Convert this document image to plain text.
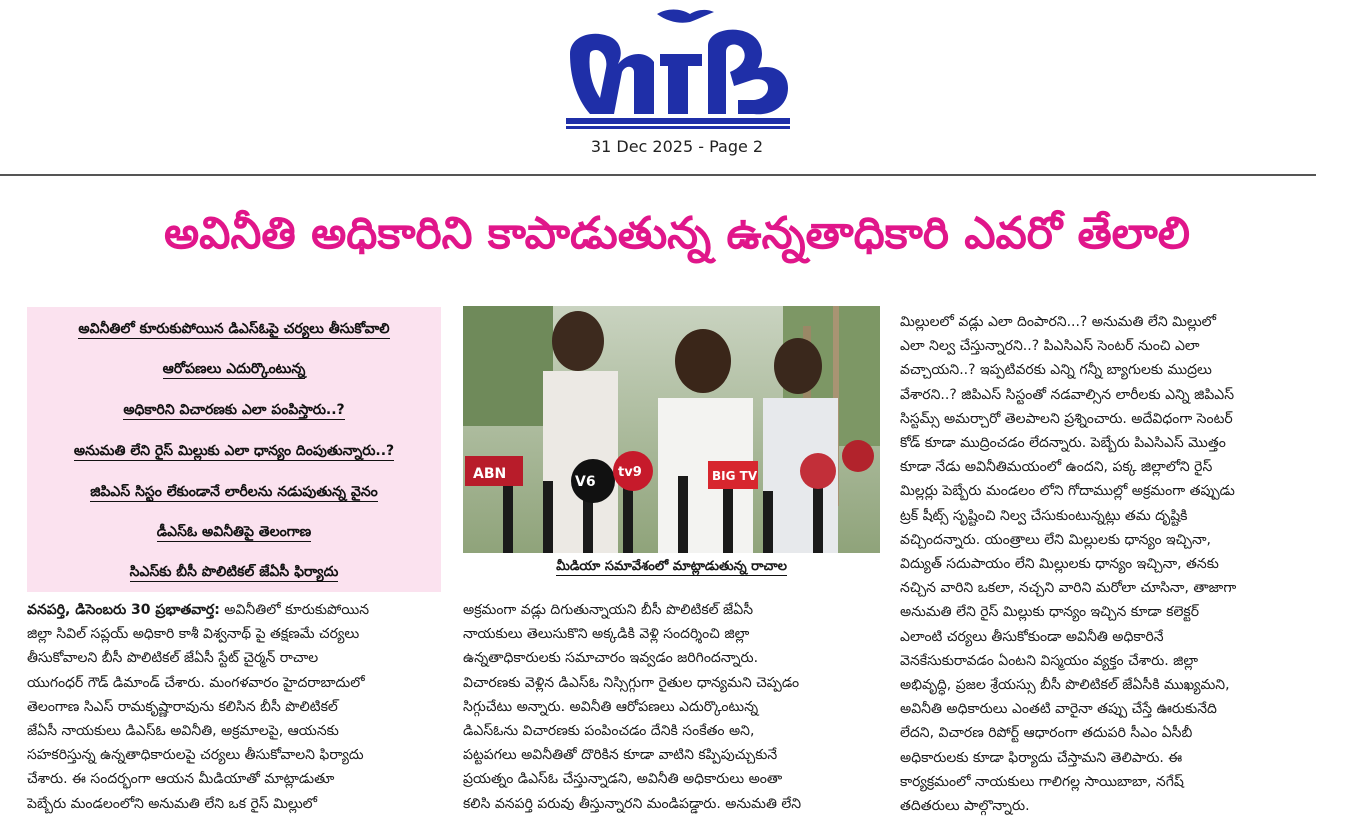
31 Dec 2025 - Page 2
అవినీతి అధికారిని కాపాడుతున్న ఉన్నతాధికారి ఎవరో తేలాలి
అవినీతిలో కూరుకుపోయిన డిఎస్ఓపై చర్యలు తీసుకోవాలి
ఆరోపణలు ఎదుర్కొంటున్న
అధికారిని విచారణకు ఎలా పంపిస్తారు..?
అనుమతి లేని రైస్ మిల్లుకు ఎలా ధాన్యం దింపుతున్నారు..?
జిపిఎస్ సిస్టం లేకుండానే లారీలను నడుపుతున్న వైనం
డీఎస్ఓ అవినీతిపై తెలంగాణ
సిఎస్‌కు బీసీ పొలిటికల్ జేఏసీ ఫిర్యాదు

వనపర్తి, డిసెంబరు 30 ప్రభాతవార్త: అవినీతిలో కూరుకుపోయిన

జిల్లా సివిల్ సప్లయ్ అధికారి కాశీ విశ్వనాథ్ పై తక్షణమే చర్యలు

తీసుకోవాలని బీసీ పొలిటికల్ జేఏసీ స్టేట్ చైర్మన్ రాచాల

యుగంధర్ గౌడ్ డిమాండ్ చేశారు. మంగళవారం హైదరాబాదులో

తెలంగాణ సిఎస్ రామకృష్ణారావును కలిసిన బీసీ పొలిటికల్

జేఏసీ నాయకులు డిఎస్ఓ అవినీతి, అక్రమాలపై, ఆయనకు

సహకరిస్తున్న ఉన్నతాధికారులపై చర్యలు తీసుకోవాలని ఫిర్యాదు

చేశారు. ఈ సందర్భంగా ఆయన మీడియాతో మాట్లాడుతూ

పెబ్బేరు మండలంలోని అనుమతి లేని ఒక రైస్ మిల్లులో

ABN	V6
tv9	BIG TV
మీడియా సమావేశంలో మాట్లాడుతున్న రాచాల

అక్రమంగా వడ్లు దిగుతున్నాయని బీసీ పొలిటికల్ జేఏసీ

నాయకులు తెలుసుకొని అక్కడికి వెళ్లి సందర్శించి జిల్లా

ఉన్నతాధికారులకు సమాచారం ఇవ్వడం జరిగిందన్నారు.

విచారణకు వెళ్లిన డిఎస్ఓ నిస్సిగ్గుగా రైతుల ధాన్యమని చెప్పడం

సిగ్గుచేటు అన్నారు. అవినీతి ఆరోపణలు ఎదుర్కొంటున్న

డిఎస్ఓను విచారణకు పంపించడం దేనికి సంకేతం అని,

పట్టపగలు అవినీతితో దొరికిన కూడా వాటిని కప్పిపుచ్చుకునే

ప్రయత్నం డిఎస్ఓ చేస్తున్నాడని, అవినీతి అధికారులు అంతా

కలిసి వనపర్తి పరువు తీస్తున్నారని మండిపడ్డారు. అనుమతి లేని

మిల్లులలో వడ్లు ఎలా దింపారని...? అనుమతి లేని మిల్లులో

ఎలా నిల్వ చేస్తున్నారని..? పిఎసిఎస్ సెంటర్ నుంచి ఎలా

వచ్చాయని..? ఇప్పటివరకు ఎన్ని గన్నీ బ్యాగులకు ముద్రలు

వేశారని..? జిపిఎస్ సిస్టంతో నడవాల్సిన లారీలకు ఎన్ని జిపిఎస్

సిస్టమ్స్ అమర్చారో తెలపాలని ప్రశ్నించారు. అదేవిధంగా సెంటర్

కోడ్ కూడా ముద్రించడం లేదన్నారు. పెబ్బేరు పిఎసిఎస్ మొత్తం

కూడా నేడు అవినీతిమయంలో ఉందని, పక్క జిల్లాలోని రైస్

మిల్లర్లు పెబ్బేరు మండలం లోని గోదాముల్లో అక్రమంగా తప్పుడు

ట్రక్ షీట్స్ సృష్టించి నిల్వ చేసుకుంటున్నట్లు తమ దృష్టికి

వచ్చిందన్నారు. యంత్రాలు లేని మిల్లులకు ధాన్యం ఇచ్చినా,

విద్యుత్ సదుపాయం లేని మిల్లులకు ధాన్యం ఇచ్చినా, తనకు

నచ్చిన వారిని ఒకలా, నచ్చని వారిని మరోలా చూసినా, తాజాగా

అనుమతి లేని రైస్ మిల్లుకు ధాన్యం ఇచ్చిన కూడా కలెక్టర్

ఎలాంటి చర్యలు తీసుకోకుండా అవినీతి అధికారినే

వెనకేసుకురావడం ఏంటని విస్మయం వ్యక్తం చేశారు. జిల్లా

అభివృద్ధి, ప్రజల శ్రేయస్సు బీసీ పొలిటికల్ జేఏసీకి ముఖ్యమని,

అవినీతి అధికారులు ఎంతటి వారైనా తప్పు చేస్తే ఊరుకునేది

లేదని, విచారణ రిపోర్ట్ ఆధారంగా తదుపరి సీఎం ఏసీబీ

అధికారులకు కూడా ఫిర్యాదు చేస్తామని తెలిపారు. ఈ

కార్యక్రమంలో నాయకులు గాలిగల్ల సాయిబాబా, నగేష్

తదితరులు పాల్గొన్నారు.
